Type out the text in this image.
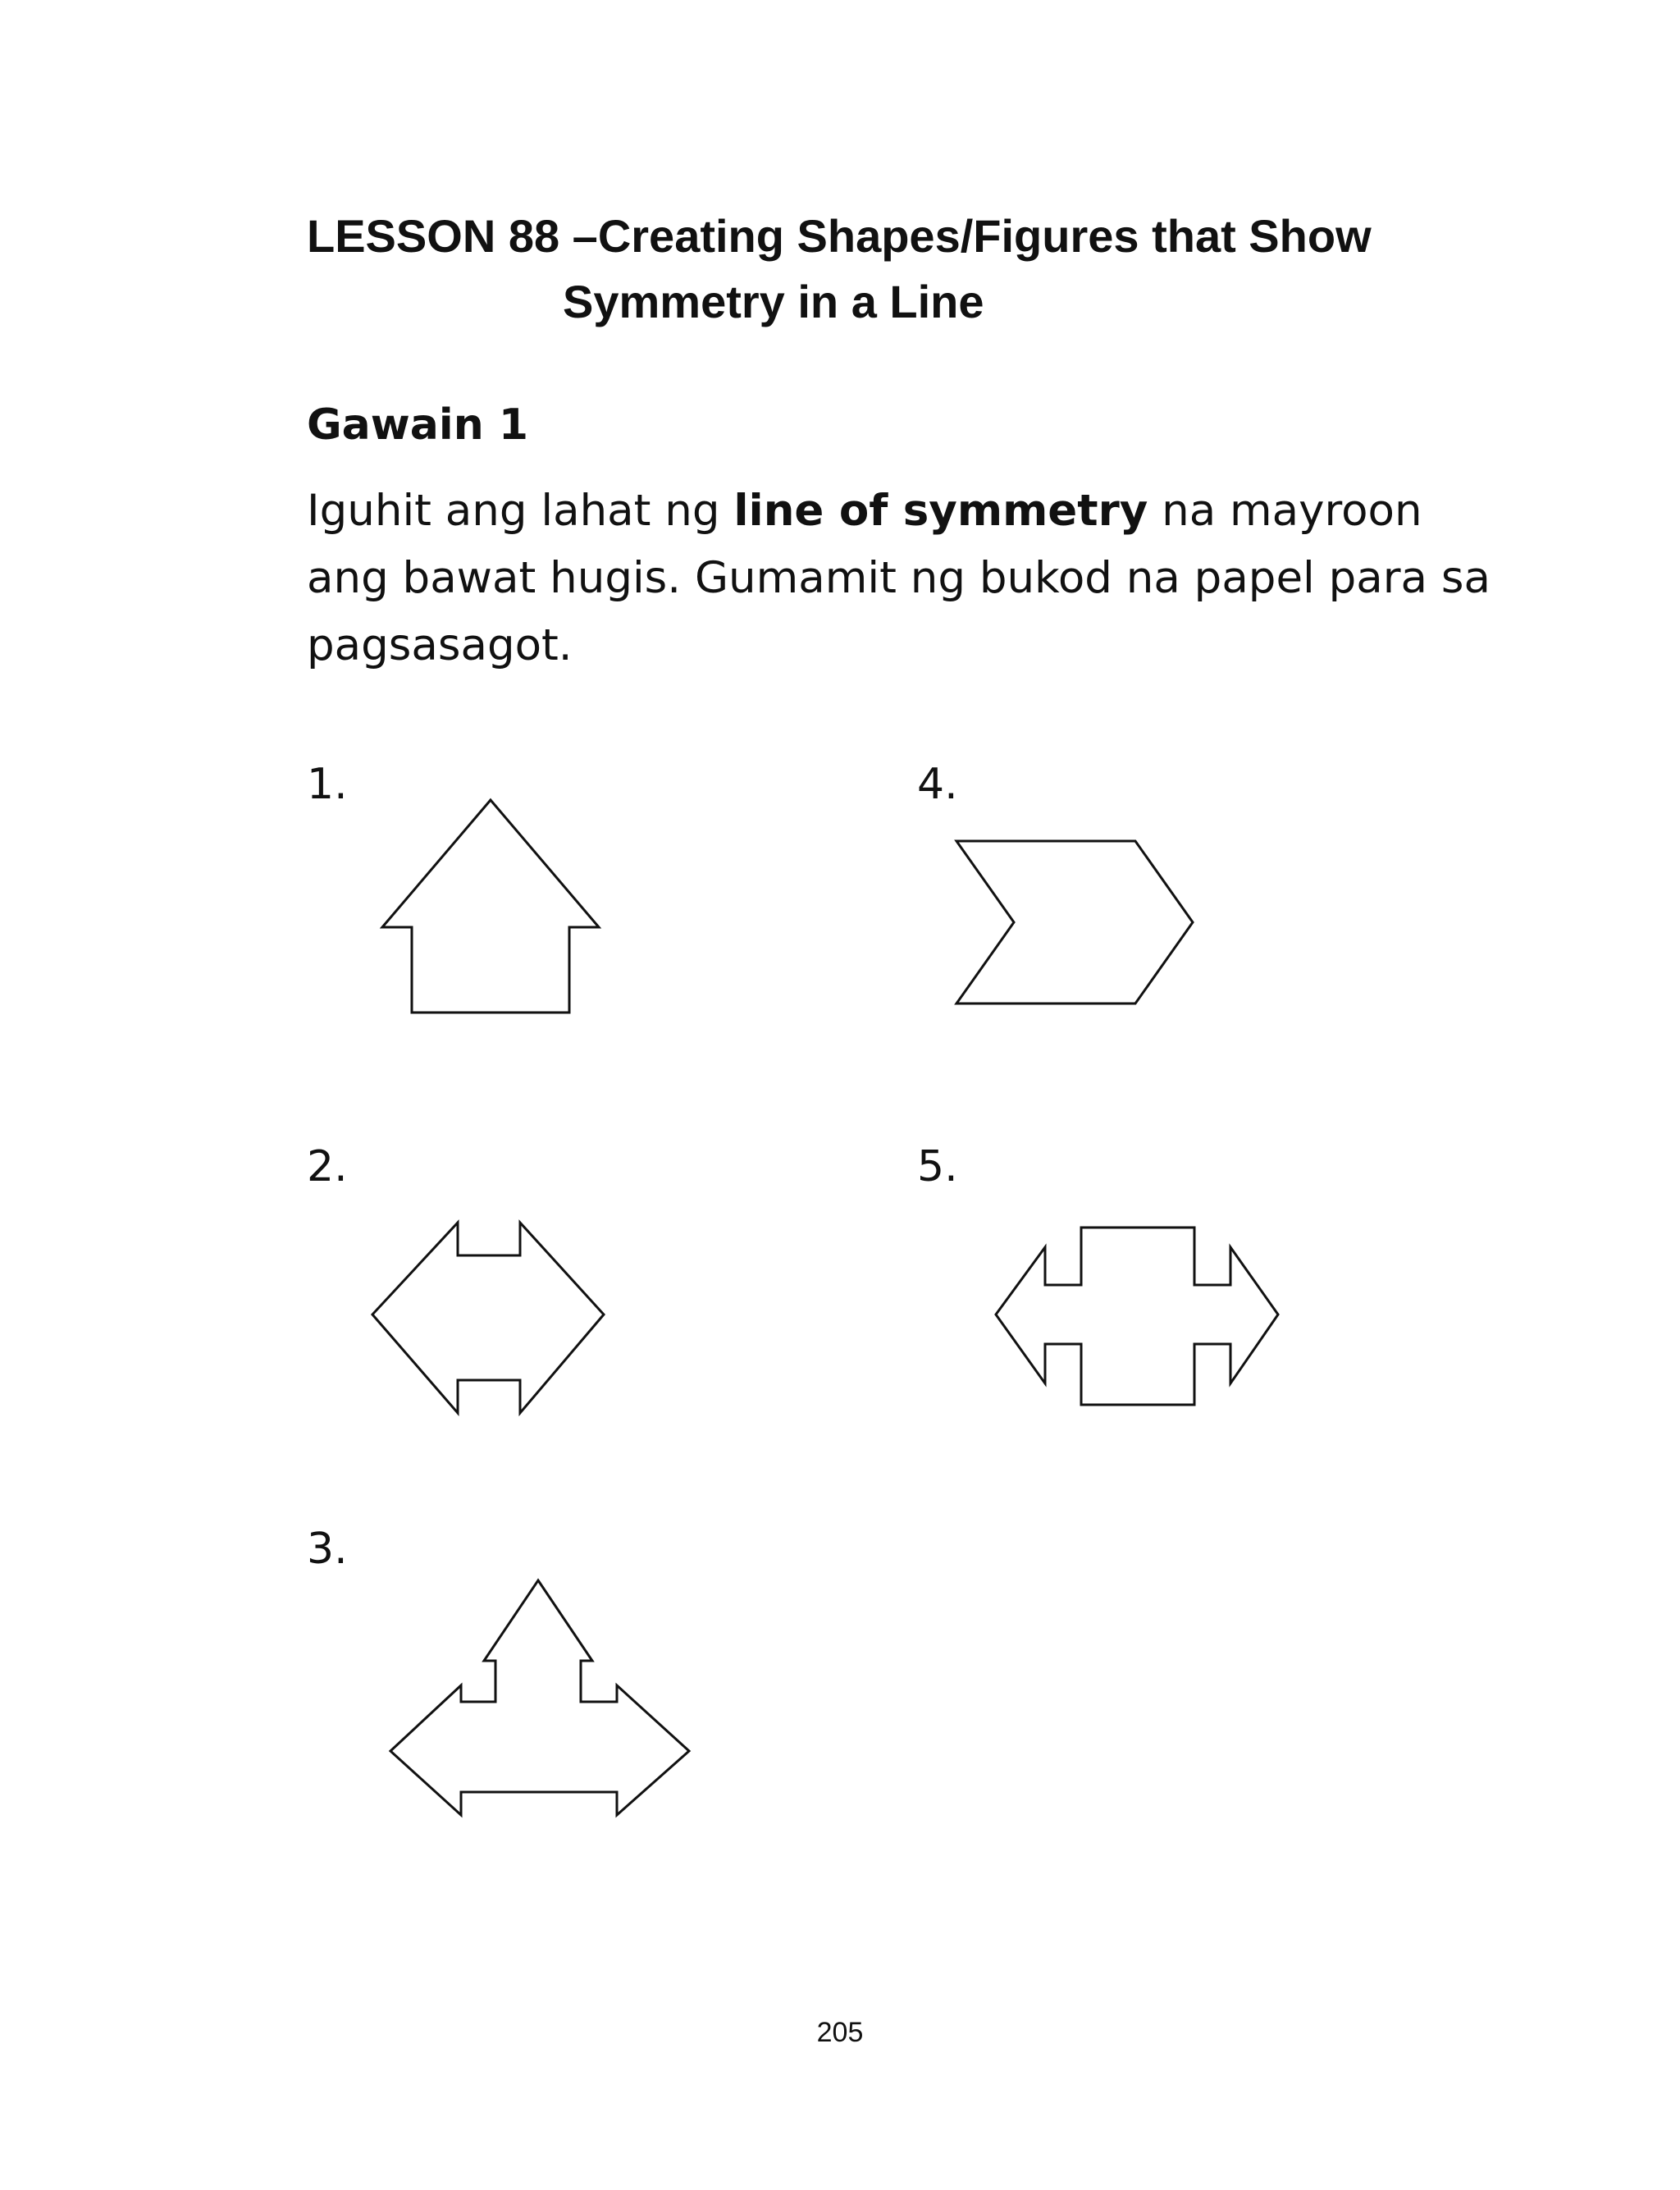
LESSON 88 –Creating Shapes/Figures that Show
Symmetry in a Line
Gawain 1

Iguhit ang lahat ng line of symmetry na mayroon ang bawat hugis. Gumamit ng bukod na papel para sa pagsasagot.

1.	4.
2.	5.
3.
205
